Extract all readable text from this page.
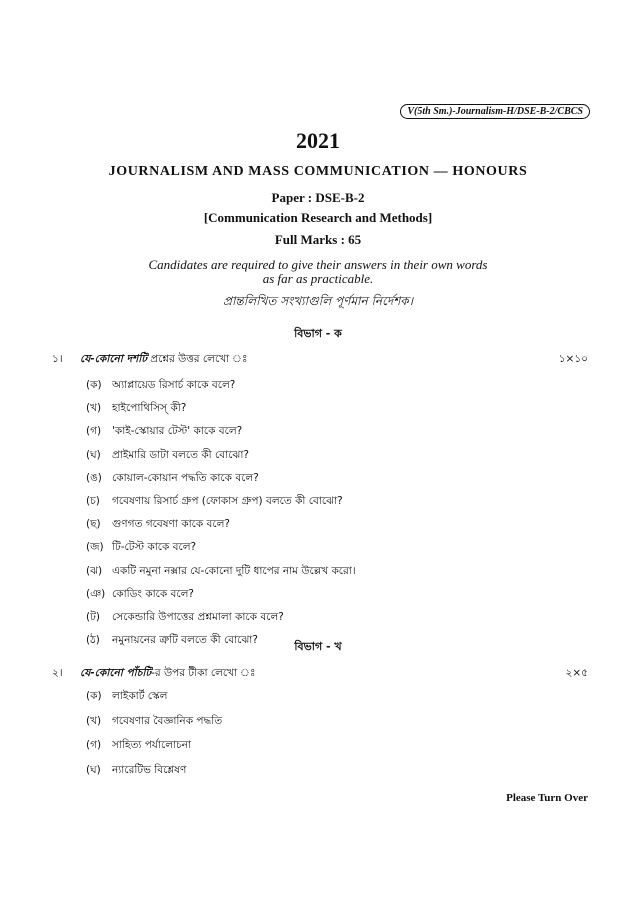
V(5th Sm.)-Journalism-H/DSE-B-2/CBCS
2021
JOURNALISM AND MASS COMMUNICATION — HONOURS
Paper : DSE-B-2
[Communication Research and Methods]
Full Marks : 65
Candidates are required to give their answers in their own words
as far as practicable.
প্রান্তলিখিত সংখ্যাগুলি পূর্ণমান নির্দেশক।
বিভাগ - ক
১। যে-কোনো দশটি প্রশ্নের উত্তর লেখো ঃ	১×১০
(ক) অ্যাপ্লায়েড রিসার্চ কাকে বলে?
(খ) হাইপোথিসিস্ কী?
(গ) 'কাই-স্কোয়ার টেস্ট' কাকে বলে?
(ঘ) প্রাইমারি ডাটা বলতে কী বোঝো?
(ঙ) কোয়াল-কোয়ান পদ্ধতি কাকে বলে?
(চ) গবেষণায় রিসার্চ গ্রুপ (ফোকাস গ্রুপ) বলতে কী বোঝো?
(ছ) গুণগত গবেষণা কাকে বলে?
(জ) টি-টেস্ট কাকে বলে?
(ঝ) একটি নমুনা নক্সার যে-কোনো দুটি ধাপের নাম উল্লেখ করো।
(ঞ) কোডিং কাকে বলে?
(ট) সেকেন্ডারি উপাত্তের প্রশ্নমালা কাকে বলে?
(ঠ) নমুনায়নের ত্রুটি বলতে কী বোঝো?	বিভাগ - খ
২। যে-কোনো পাঁচটি-র উপর টীকা লেখো ঃ	২×৫
(ক) লাইকার্ট স্কেল
(খ) গবেষণার বৈজ্ঞানিক পদ্ধতি
(গ) সাহিত্য পর্যালোচনা
(ঘ) ন্যারেটিভ বিশ্লেষণ
Please Turn Over
